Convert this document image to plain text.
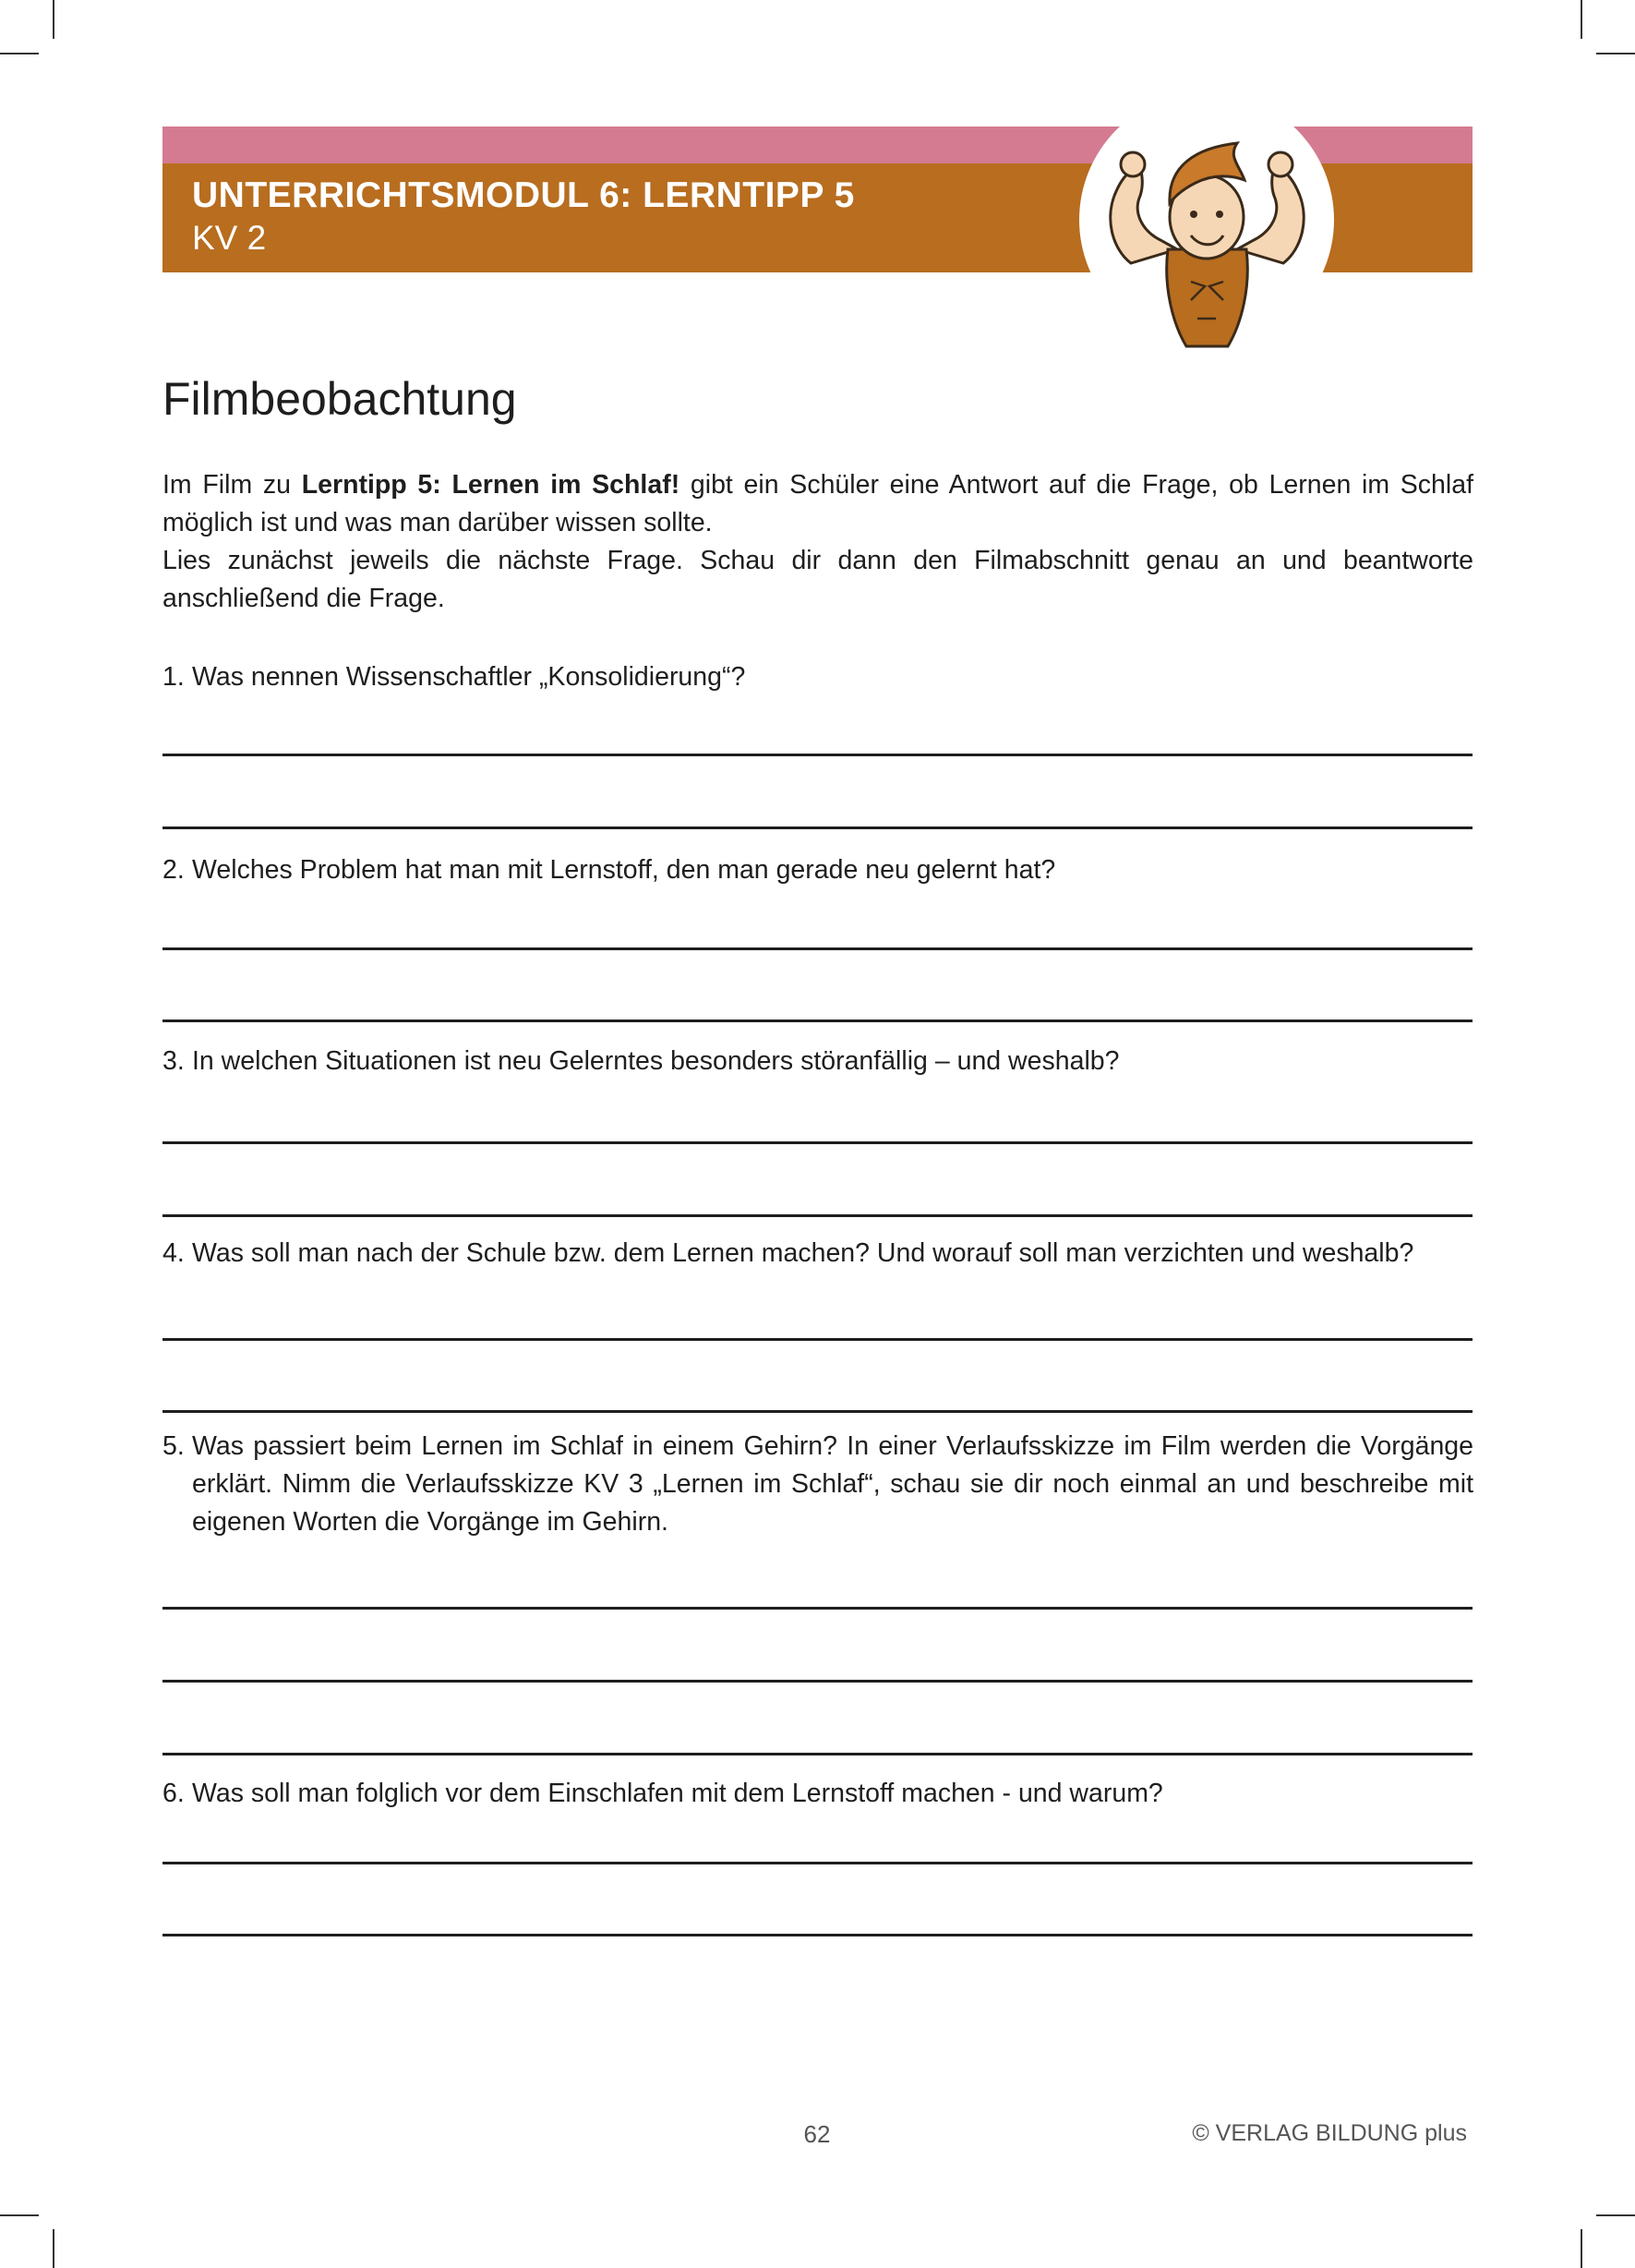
UNTERRICHTSMODUL 6: LERNTIPP 5
KV 2
Filmbeobachtung

Im Film zu Lerntipp 5: Lernen im Schlaf! gibt ein Schüler eine Antwort auf die Frage, ob Lernen im Schlaf möglich ist und was man darüber wissen sollte.

Lies zunächst jeweils die nächste Frage. Schau dir dann den Filmabschnitt genau an und beantworte anschließend die Frage.

1. Was nennen Wissenschaftler „Konsolidierung“?
2. Welches Problem hat man mit Lernstoff, den man gerade neu gelernt hat?
3. In welchen Situationen ist neu Gelerntes besonders störanfällig – und weshalb?
4. Was soll man nach der Schule bzw. dem Lernen machen? Und worauf soll man verzichten und weshalb?
5. Was passiert beim Lernen im Schlaf in einem Gehirn? In einer Verlaufsskizze im Film werden die Vorgänge erklärt. Nimm die Verlaufsskizze KV 3 „Lernen im Schlaf“, schau sie dir noch einmal an und beschreibe mit eigenen Worten die Vorgänge im Gehirn.
6. Was soll man folglich vor dem Einschlafen mit dem Lernstoff machen - und warum?
62	© VERLAG BILDUNG plus
